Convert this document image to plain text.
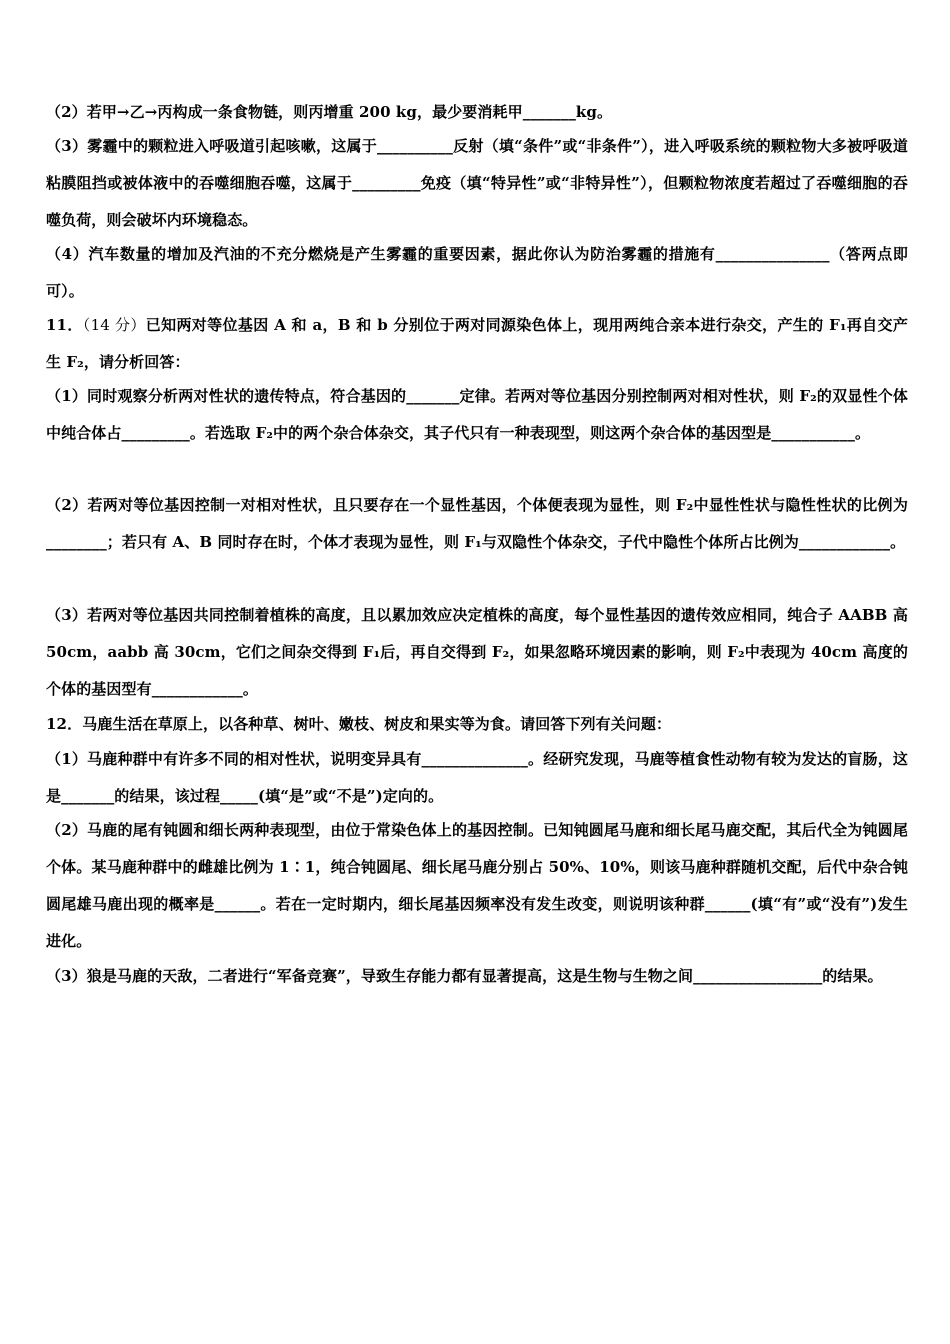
（2）若甲→乙→丙构成一条食物链，则丙增重 200 kg，最少要消耗甲_______kg。
（3）雾霾中的颗粒进入呼吸道引起咳嗽，这属于__________反射（填“条件”或“非条件”），进入呼吸系统的颗粒物大多被呼吸道粘膜阻挡或被体液中的吞噬细胞吞噬，这属于_________免疫（填“特异性”或“非特异性”），但颗粒物浓度若超过了吞噬细胞的吞噬负荷，则会破坏内环境稳态。
（4）汽车数量的增加及汽油的不充分燃烧是产生雾霾的重要因素，据此你认为防治雾霾的措施有_______________（答两点即可）。
11．（14 分）已知两对等位基因 A 和 a，B 和 b 分别位于两对同源染色体上，现用两纯合亲本进行杂交，产生的 F₁再自交产生 F₂，请分析回答：
（1）同时观察分析两对性状的遗传特点，符合基因的_______定律。若两对等位基因分别控制两对相对性状，则 F₂的双显性个体中纯合体占_________。若选取 F₂中的两个杂合体杂交，其子代只有一种表现型，则这两个杂合体的基因型是___________。
（2）若两对等位基因控制一对相对性状，且只要存在一个显性基因，个体便表现为显性，则 F₂中显性性状与隐性性状的比例为________；若只有 A、B 同时存在时，个体才表现为显性，则 F₁与双隐性个体杂交，子代中隐性个体所占比例为____________。
（3）若两对等位基因共同控制着植株的高度，且以累加效应决定植株的高度，每个显性基因的遗传效应相同，纯合子 AABB 高 50cm，aabb 高 30cm，它们之间杂交得到 F₁后，再自交得到 F₂，如果忽略环境因素的影响，则 F₂中表现为 40cm 高度的个体的基因型有____________。
12．马鹿生活在草原上，以各种草、树叶、嫩枝、树皮和果实等为食。请回答下列有关问题：
（1）马鹿种群中有许多不同的相对性状，说明变异具有______________。经研究发现，马鹿等植食性动物有较为发达的盲肠，这是_______的结果，该过程_____(填“是”或“不是”)定向的。
（2）马鹿的尾有钝圆和细长两种表现型，由位于常染色体上的基因控制。已知钝圆尾马鹿和细长尾马鹿交配，其后代全为钝圆尾个体。某马鹿种群中的雌雄比例为 1∶1，纯合钝圆尾、细长尾马鹿分别占 50%、10%，则该马鹿种群随机交配，后代中杂合钝圆尾雄马鹿出现的概率是______。若在一定时期内，细长尾基因频率没有发生改变，则说明该种群______(填“有”或“没有”)发生进化。
（3）狼是马鹿的天敌，二者进行“军备竞赛”，导致生存能力都有显著提高，这是生物与生物之间_________________的结果。
